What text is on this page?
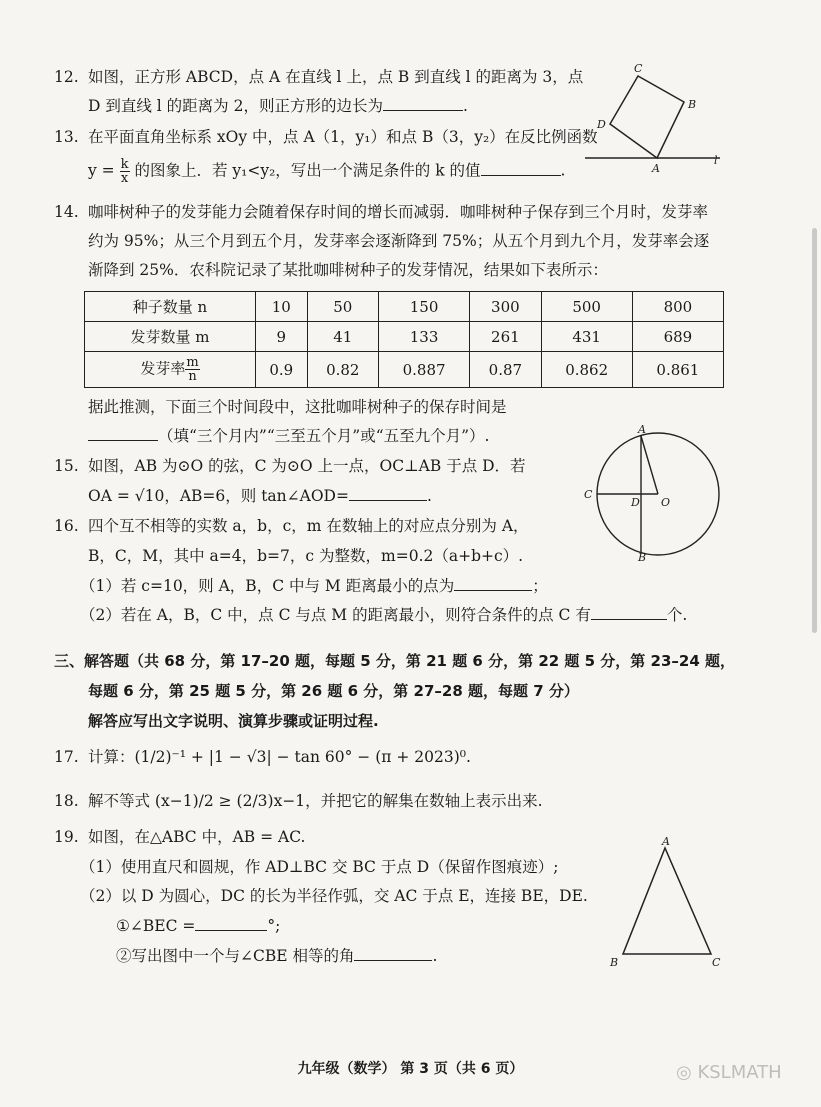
12. 如图，正方形 ABCD，点 A 在直线 l 上，点 B 到直线 l 的距离为 3，点
D 到直线 l 的距离为 2，则正方形的边长为	.
13. 在平面直角坐标系 xOy 中，点 A（1，y₁）和点 B（3，y₂）在反比例函数
$y = \frac{k}{x}$ 的图象上．若 y₁<y₂，写出一个满足条件的 k 的值	.
14. 咖啡树种子的发芽能力会随着保存时间的增长而减弱．咖啡树种子保存到三个月时，发芽率
约为 95%；从三个月到五个月，发芽率会逐渐降到 75%；从五个月到九个月，发芽率会逐
渐降到 25%．农科院记录了某批咖啡树种子的发芽情况，结果如下表所示：
种子数量 n	10	50	150	300	500	800
发芽数量 m	9	41	133	261	431	689
发芽率 $\frac{m}{n}$	0.9	0.82	0.887	0.87	0.862	0.861
据此推测，下面三个时间段中，这批咖啡树种子的保存时间是
（填“三个月内”“三至五个月”或“五至九个月”）.
15. 如图，AB 为⊙O 的弦，C 为⊙O 上一点，OC⊥AB 于点 D．若
OA = √10，AB=6，则 tan∠AOD=	.
16. 四个互不相等的实数 a，b，c，m 在数轴上的对应点分别为 A，
B，C，M，其中 a=4，b=7，c 为整数，m=0.2（a+b+c）.
（1）若 c=10，则 A，B，C 中与 M 距离最小的点为	；
（2）若在 A，B，C 中，点 C 与点 M 的距离最小，则符合条件的点 C 有	个.
三、解答题（共 68 分，第 17–20 题，每题 5 分，第 21 题 6 分，第 22 题 5 分，第 23–24 题，
每题 6 分，第 25 题 5 分，第 26 题 6 分，第 27–28 题，每题 7 分）
解答应写出文字说明、演算步骤或证明过程.
17. 计算：(1/2)⁻¹ + |1 − √3| − tan 60° − (π + 2023)⁰.
18. 解不等式 (x−1)/2 ≥ (2/3)x−1，并把它的解集在数轴上表示出来.
19. 如图，在△ABC 中，AB = AC.
（1）使用直尺和圆规，作 AD⊥BC 交 BC 于点 D（保留作图痕迹）;
（2）以 D 为圆心，DC 的长为半径作弧，交 AC 于点 E，连接 BE，DE.
①∠BEC =	°;
②写出图中一个与∠CBE 相等的角	.
C
B
D
A
l
A
C
D O
B
A
B	C
九年级（数学） 第 3 页（共 6 页）	◎ KSLMATH
